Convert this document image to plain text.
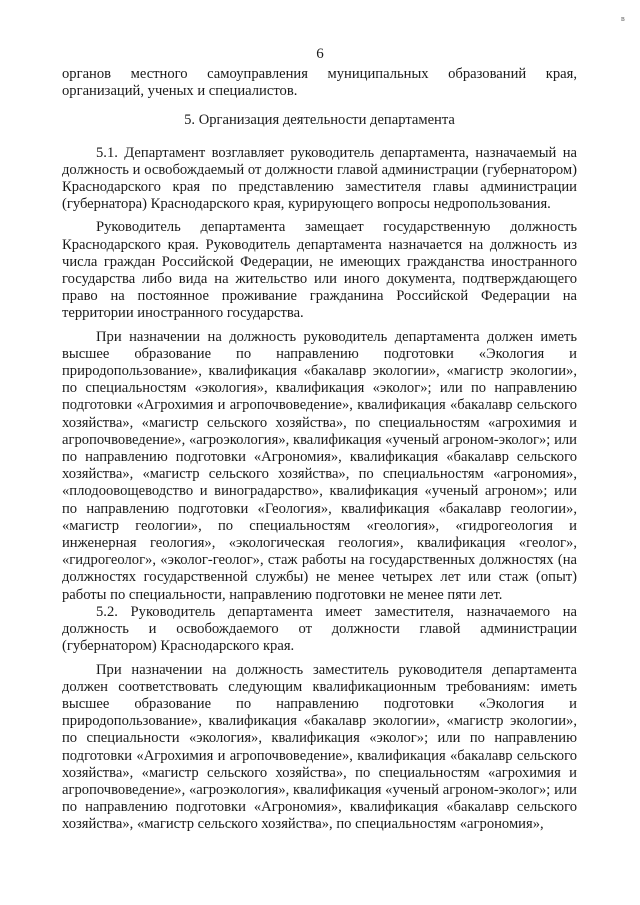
в
6

органов местного самоуправления муниципальных образований края, организаций, ученых и специалистов.

5. Организация деятельности департамента

5.1. Департамент возглавляет руководитель департамента, назначаемый на должность и освобождаемый от должности главой администрации (губернатором) Краснодарского края по представлению заместителя главы администрации (губернатора) Краснодарского края, курирующего вопросы недропользования.

Руководитель департамента замещает государственную должность Краснодарского края. Руководитель департамента назначается на должность из числа граждан Российской Федерации, не имеющих гражданства иностранного государства либо вида на жительство или иного документа, подтверждающего право на постоянное проживание гражданина Российской Федерации на территории иностранного государства.

При назначении на должность руководитель департамента должен иметь высшее образование по направлению подготовки «Экология и природопользование», квалификация «бакалавр экологии», «магистр экологии», по специальностям «экология», квалификация «эколог»; или по направлению подготовки «Агрохимия и агропочвоведение», квалификация «бакалавр сельского хозяйства», «магистр сельского хозяйства», по специальностям «агрохимия и агропочвоведение», «агроэкология», квалификация «ученый агроном-эколог»; или по направлению подготовки «Агрономия», квалификация «бакалавр сельского хозяйства», «магистр сельского хозяйства», по специальностям «агрономия», «плодоовощеводство и виноградарство», квалификация «ученый агроном»; или по направлению подготовки «Геология», квалификация «бакалавр геологии», «магистр геологии», по специальностям «геология», «гидрогеология и инженерная геология», «экологическая геология», квалификация «геолог», «гидрогеолог», «эколог-геолог», стаж работы на государственных должностях (на должностях государственной службы) не менее четырех лет или стаж (опыт) работы по специальности, направлению подготовки не менее пяти лет.

5.2. Руководитель департамента имеет заместителя, назначаемого на должность и освобождаемого от должности главой администрации (губернатором) Краснодарского края.

При назначении на должность заместитель руководителя департамента должен соответствовать следующим квалификационным требованиям: иметь высшее образование по направлению подготовки «Экология и природопользование», квалификация «бакалавр экологии», «магистр экологии», по специальности «экология», квалификация «эколог»; или по направлению подготовки «Агрохимия и агропочвоведение», квалификация «бакалавр сельского хозяйства», «магистр сельского хозяйства», по специальностям «агрохимия и агропочвоведение», «агроэкология», квалификация «ученый агроном-эколог»; или по направлению подготовки «Агрономия», квалификация «бакалавр сельского хозяйства», «магистр сельского хозяйства», по специальностям «агрономия»,
